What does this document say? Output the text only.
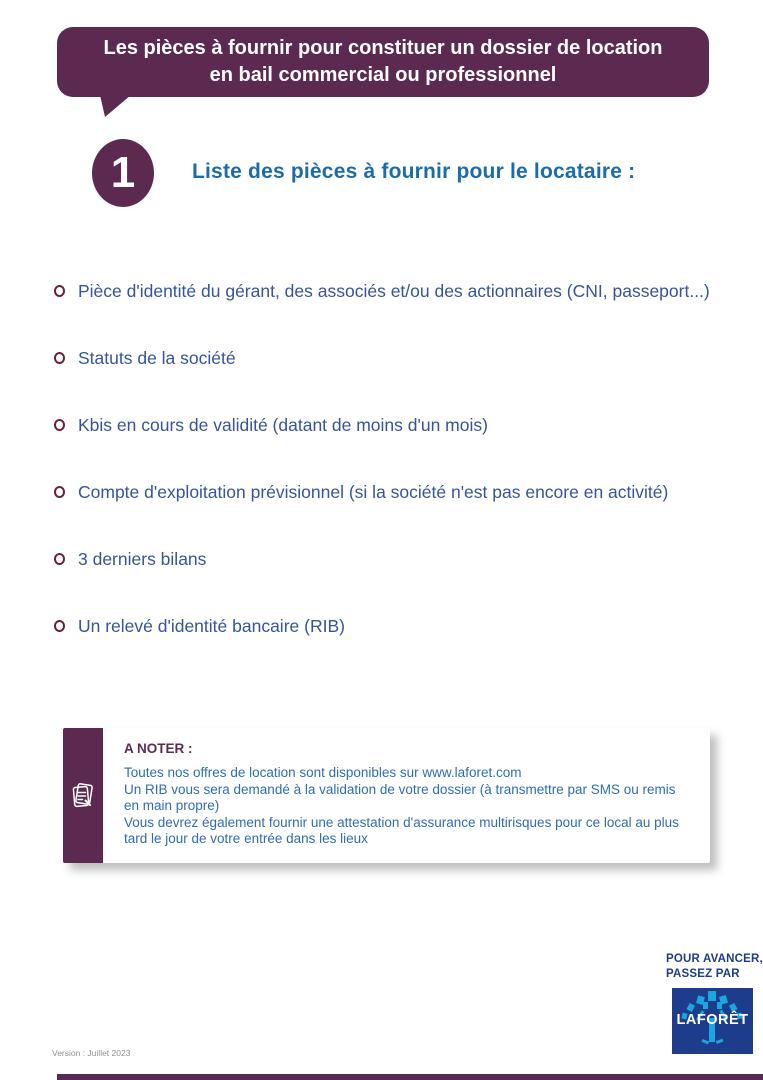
Les pièces à fournir pour constituer un dossier de location
en bail commercial ou professionnel
1	Liste des pièces à fournir pour le locataire :
Pièce d'identité du gérant, des associés et/ou des actionnaires (CNI, passeport...)
Statuts de la société
Kbis en cours de validité (datant de moins d'un mois)
Compte d'exploitation prévisionnel (si la société n'est pas encore en activité)
3 derniers bilans
Un relevé d'identité bancaire (RIB)

A NOTER :

Toutes nos offres de location sont disponibles sur www.laforet.com

Un RIB vous sera demandé à la validation de votre dossier (à transmettre par SMS ou remis en main propre)

Vous devrez également fournir une attestation d'assurance multirisques pour ce local au plus tard le jour de votre entrée dans les lieux

POUR AVANCER,
PASSEZ PAR
LAFORÊT
Version : Juillet 2023
